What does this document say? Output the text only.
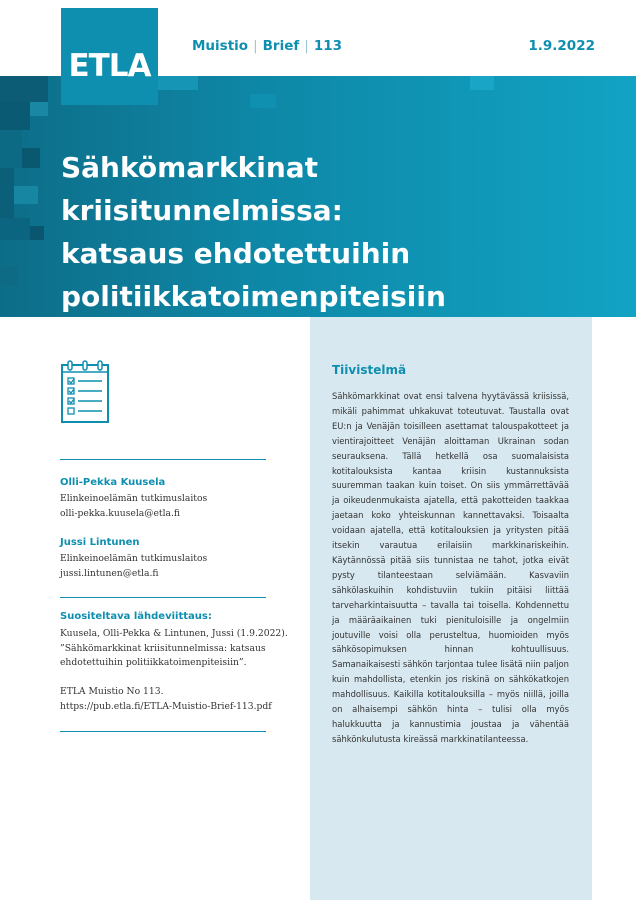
ETLA
Muistio | Brief | 113	1.9.2022
Sähkömarkkinat kriisitunnelmissa:
katsaus ehdotettuihin
politiikkatoimenpiteisiin
Tiivistelmä

Sähkömarkkinat ovat ensi talvena hyytävässä kriisissä, mikäli pahimmat uhkakuvat toteutuvat. Taustalla ovat EU:n ja Venäjän toisilleen asettamat talouspakotteet ja vientirajoitteet Venäjän aloittaman Ukrainan sodan seurauksena. Tällä hetkellä osa suomalaisista kotitalouksista kantaa kriisin kustannuksista suuremman taakan kuin toiset. On siis ymmärrettävää ja oikeudenmukaista ajatella, että pakotteiden taakkaa jaetaan koko yhteiskunnan kannettavaksi. Toisaalta voidaan ajatella, että kotitalouksien ja yritysten pitää itsekin varautua erilaisiin markkinariskeihin. Käytännössä pitää siis tunnistaa ne tahot, jotka eivät pysty tilanteestaan selviämään. Kasvaviin sähkölaskuihin kohdistuviin tukiin pitäisi liittää tarveharkintaisuutta – tavalla tai toisella. Kohdennettu ja määräaikainen tuki pienituloisille ja ongelmiin joutuville voisi olla perusteltua, huomioiden myös sähkösopimuksen hinnan kohtuullisuus. Samanaikaisesti sähkön tarjontaa tulee lisätä niin paljon kuin mahdollista, etenkin jos riskinä on sähkökatkojen mahdollisuus. Kaikilla kotitalouksilla – myös niillä, joilla on alhaisempi sähkön hinta – tulisi olla myös halukkuutta ja kannustimia joustaa ja vähentää sähkönkulutusta kireässä markkinatilanteessa.

Olli-Pekka Kuusela
Elinkeinoelämän tutkimuslaitos
olli-pekka.kuusela@etla.fi
Jussi Lintunen
Elinkeinoelämän tutkimuslaitos
jussi.lintunen@etla.fi
Suositeltava lähdeviittaus:

Kuusela, Olli-Pekka & Lintunen, Jussi (1.9.2022).
”Sähkömarkkinat kriisitunnelmissa: katsaus
ehdotettuihin politiikkatoimenpiteisiin”.

ETLA Muistio No 113.
https://pub.etla.fi/ETLA-Muistio-Brief-113.pdf
